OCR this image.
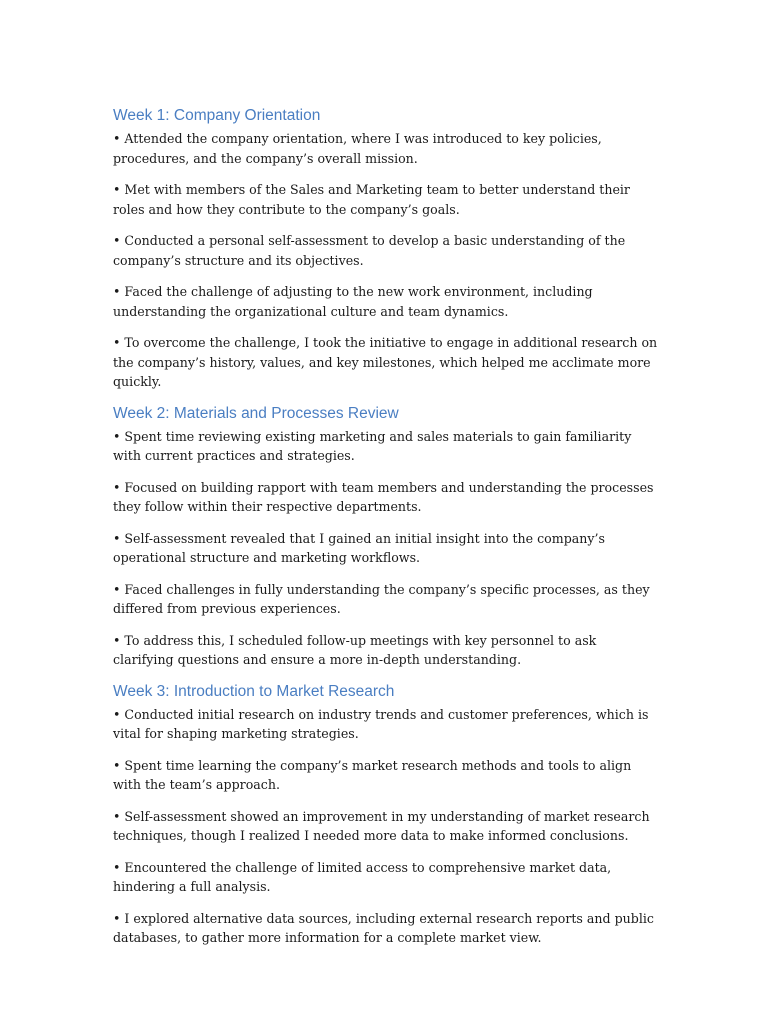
Week 1: Company Orientation

• Attended the company orientation, where I was introduced to key policies, procedures, and the company’s overall mission.

• Met with members of the Sales and Marketing team to better understand their roles and how they contribute to the company’s goals.

• Conducted a personal self-assessment to develop a basic understanding of the company’s structure and its objectives.

• Faced the challenge of adjusting to the new work environment, including understanding the organizational culture and team dynamics.

• To overcome the challenge, I took the initiative to engage in additional research on the company’s history, values, and key milestones, which helped me acclimate more quickly.

Week 2: Materials and Processes Review

• Spent time reviewing existing marketing and sales materials to gain familiarity with current practices and strategies.

• Focused on building rapport with team members and understanding the processes they follow within their respective departments.

• Self-assessment revealed that I gained an initial insight into the company’s operational structure and marketing workflows.

• Faced challenges in fully understanding the company’s specific processes, as they differed from previous experiences.

• To address this, I scheduled follow-up meetings with key personnel to ask clarifying questions and ensure a more in-depth understanding.

Week 3: Introduction to Market Research

• Conducted initial research on industry trends and customer preferences, which is vital for shaping marketing strategies.

• Spent time learning the company’s market research methods and tools to align with the team’s approach.

• Self-assessment showed an improvement in my understanding of market research techniques, though I realized I needed more data to make informed conclusions.

• Encountered the challenge of limited access to comprehensive market data, hindering a full analysis.

• I explored alternative data sources, including external research reports and public databases, to gather more information for a complete market view.
